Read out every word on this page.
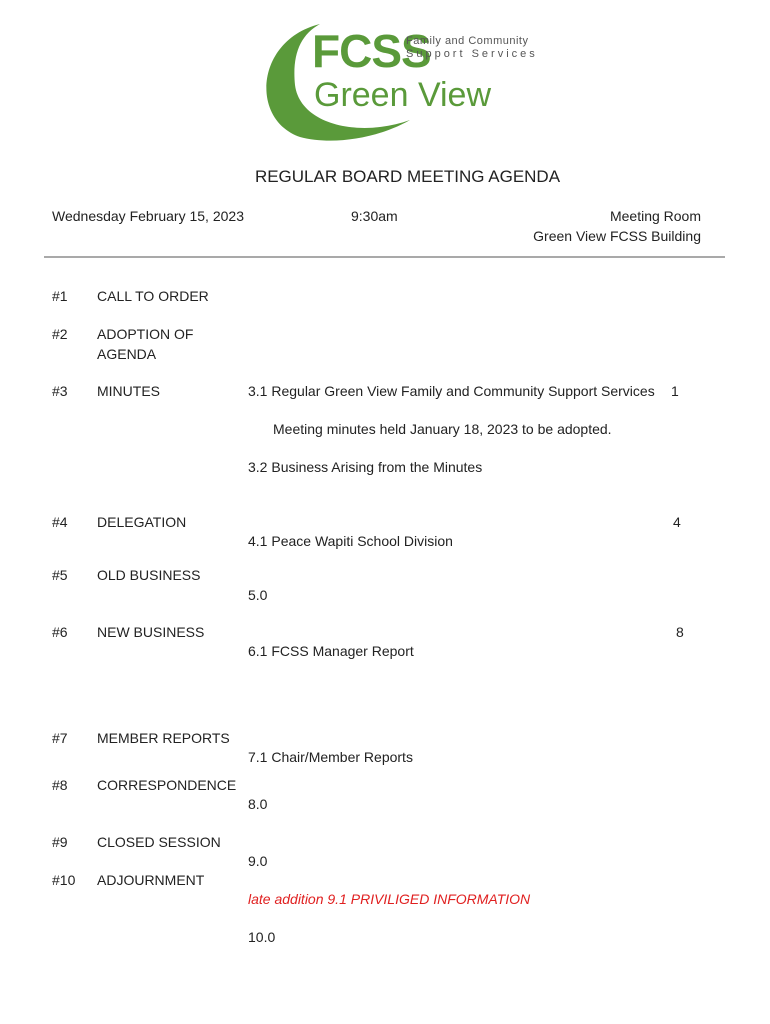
FCSS
Family and Community
Support Services
Green View
REGULAR BOARD MEETING AGENDA
Wednesday February 15, 2023	9:30am	Meeting Room
Green View FCSS Building
#1 CALL TO ORDER
#2 ADOPTION OF
AGENDA
#3 MINUTES	3.1 Regular Green View Family and Community Support Services 1
Meeting minutes held January 18, 2023 to be adopted.
3.2 Business Arising from the Minutes
#4 DELEGATION	4
4.1 Peace Wapiti School Division
#5 OLD BUSINESS
5.0
#6 NEW BUSINESS	8
6.1 FCSS Manager Report
#7 MEMBER REPORTS
7.1 Chair/Member Reports
#8 CORRESPONDENCE
8.0
#9 CLOSED SESSION
9.0
late addition 9.1 PRIVILIGED INFORMATION
#10 ADJOURNMENT
10.0
